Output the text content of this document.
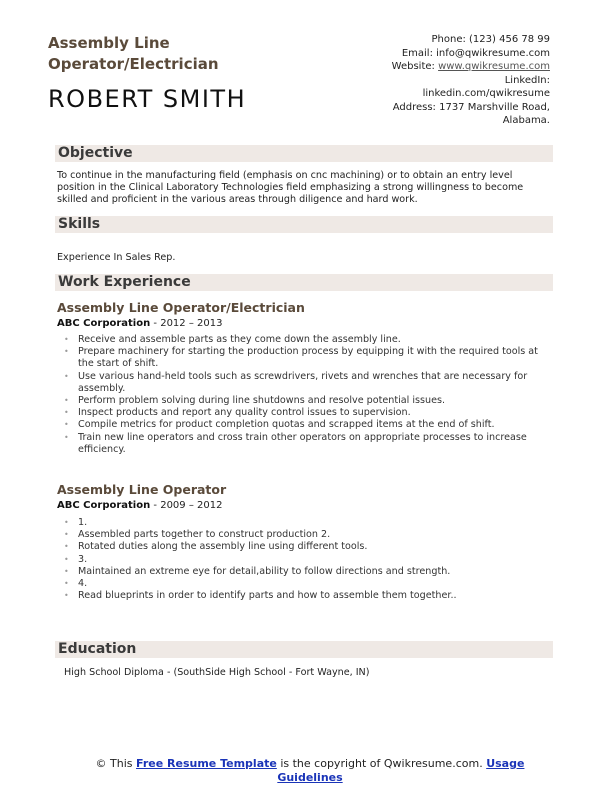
Assembly Line Operator/Electrician
ROBERT SMITH
Phone: (123) 456 78 99
Email: info@qwikresume.com
Website: www.qwikresume.com
LinkedIn:
linkedin.com/qwikresume
Address: 1737 Marshville Road,
Alabama.
Objective
To continue in the manufacturing field (emphasis on cnc machining) or to obtain an entry level position in the Clinical Laboratory Technologies field emphasizing a strong willingness to become skilled and proficient in the various areas through diligence and hard work.
Skills
Experience In Sales Rep.
Work Experience
Assembly Line Operator/Electrician
ABC Corporation - 2012 – 2013
• Receive and assemble parts as they come down the assembly line.
• Prepare machinery for starting the production process by equipping it with the required tools at the start of shift.
• Use various hand-held tools such as screwdrivers, rivets and wrenches that are necessary for assembly.
• Perform problem solving during line shutdowns and resolve potential issues.
• Inspect products and report any quality control issues to supervision.
• Compile metrics for product completion quotas and scrapped items at the end of shift.
• Train new line operators and cross train other operators on appropriate processes to increase efficiency.
Assembly Line Operator
ABC Corporation - 2009 – 2012
• 1.
• Assembled parts together to construct production 2.
• Rotated duties along the assembly line using different tools.
• 3.
• Maintained an extreme eye for detail,ability to follow directions and strength.
• 4.
• Read blueprints in order to identify parts and how to assemble them together..
Education
High School Diploma - (SouthSide High School - Fort Wayne, IN)
© This Free Resume Template is the copyright of Qwikresume.com. Usage Guidelines
